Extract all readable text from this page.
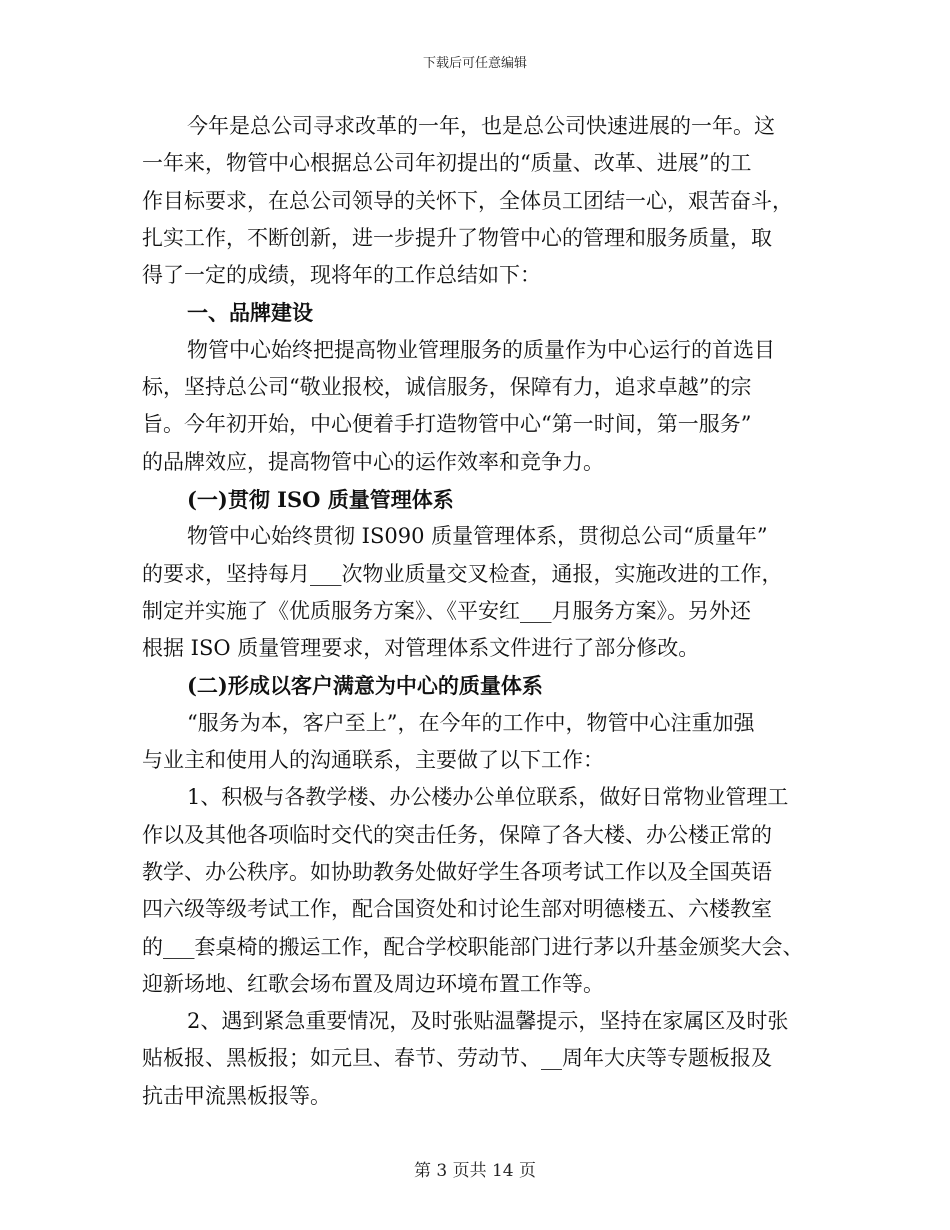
下载后可任意编辑
今年是总公司寻求改革的一年，也是总公司快速进展的一年。这
一年来，物管中心根据总公司年初提出的“质量、改革、进展”的工
作目标要求，在总公司领导的关怀下，全体员工团结一心，艰苦奋斗，
扎实工作，不断创新，进一步提升了物管中心的管理和服务质量，取
得了一定的成绩，现将年的工作总结如下：
一、品牌建设
物管中心始终把提高物业管理服务的质量作为中心运行的首选目
标，坚持总公司“敬业报校，诚信服务，保障有力，追求卓越”的宗
旨。今年初开始，中心便着手打造物管中心“第一时间，第一服务”
的品牌效应，提高物管中心的运作效率和竞争力。
(一)贯彻 ISO 质量管理体系
物管中心始终贯彻 IS090 质量管理体系，贯彻总公司“质量年”
的要求，坚持每月___次物业质量交叉检查，通报，实施改进的工作，
制定并实施了《优质服务方案》、《平安红___月服务方案》。另外还
根据 ISO 质量管理要求，对管理体系文件进行了部分修改。
(二)形成以客户满意为中心的质量体系
“服务为本，客户至上”，在今年的工作中，物管中心注重加强
与业主和使用人的沟通联系，主要做了以下工作：
1、积极与各教学楼、办公楼办公单位联系，做好日常物业管理工
作以及其他各项临时交代的突击任务，保障了各大楼、办公楼正常的
教学、办公秩序。如协助教务处做好学生各项考试工作以及全国英语
四六级等级考试工作，配合国资处和讨论生部对明德楼五、六楼教室
的___套桌椅的搬运工作，配合学校职能部门进行茅以升基金颁奖大会、
迎新场地、红歌会场布置及周边环境布置工作等。
2、遇到紧急重要情况，及时张贴温馨提示，坚持在家属区及时张
贴板报、黑板报；如元旦、春节、劳动节、__周年大庆等专题板报及
抗击甲流黑板报等。
第 3 页共 14 页
